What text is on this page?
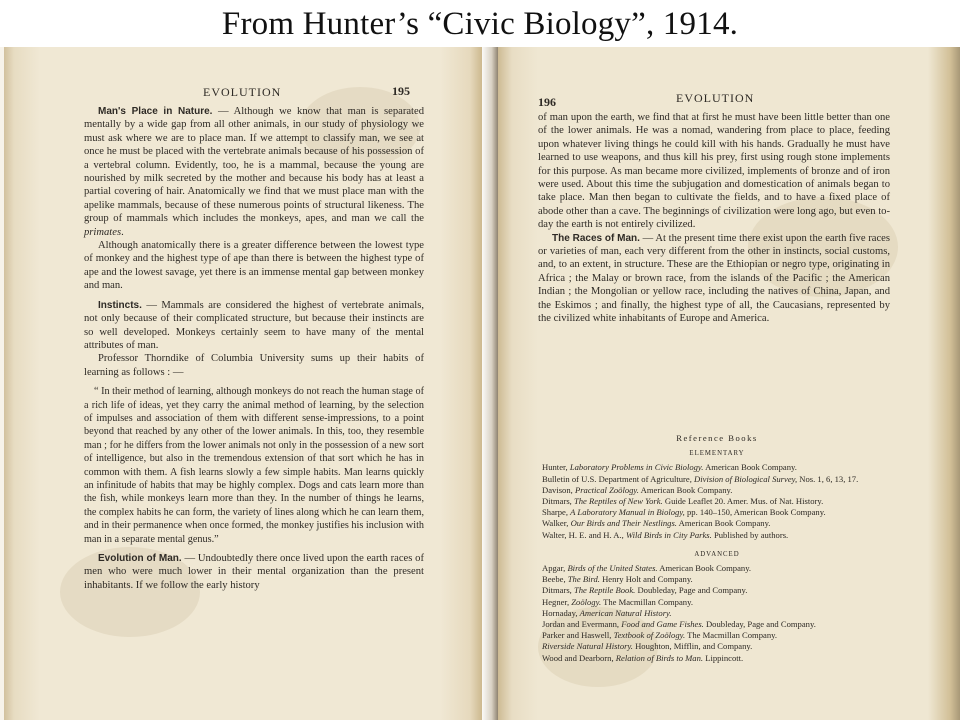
From Hunter’s “Civic Biology”, 1914.
EVOLUTION	195

Man's Place in Nature. — Although we know that man is separated mentally by a wide gap from all other animals, in our study of physiology we must ask where we are to place man. If we attempt to classify man, we see at once he must be placed with the vertebrate animals because of his possession of a vertebral column. Evidently, too, he is a mammal, because the young are nourished by milk secreted by the mother and because his body has at least a partial covering of hair. Anatomically we find that we must place man with the apelike mammals, because of these numerous points of structural likeness. The group of mammals which includes the monkeys, apes, and man we call the primates.

Although anatomically there is a greater difference between the lowest type of monkey and the highest type of ape than there is between the highest type of ape and the lowest savage, yet there is an immense mental gap between monkey and man.

Instincts. — Mammals are considered the highest of vertebrate animals, not only because of their complicated structure, but because their instincts are so well developed. Monkeys certainly seem to have many of the mental attributes of man.

Professor Thorndike of Columbia University sums up their habits of learning as follows : —

“ In their method of learning, although monkeys do not reach the human stage of a rich life of ideas, yet they carry the animal method of learning, by the selection of impulses and association of them with different sense-impressions, to a point beyond that reached by any other of the lower animals. In this, too, they resemble man ; for he differs from the lower animals not only in the possession of a new sort of intelligence, but also in the tremendous extension of that sort which he has in common with them. A fish learns slowly a few simple habits. Man learns quickly an infinitude of habits that may be highly complex. Dogs and cats learn more than the fish, while monkeys learn more than they. In the number of things he learns, the complex habits he can form, the variety of lines along which he can learn them, and in their permanence when once formed, the monkey justifies his inclusion with man in a separate mental genus.”

Evolution of Man. — Undoubtedly there once lived upon the earth races of men who were much lower in their mental organization than the present inhabitants. If we follow the early history

196	EVOLUTION

of man upon the earth, we find that at first he must have been little better than one of the lower animals. He was a nomad, wandering from place to place, feeding upon whatever living things he could kill with his hands. Gradually he must have learned to use weapons, and thus kill his prey, first using rough stone implements for this purpose. As man became more civilized, implements of bronze and of iron were used. About this time the subjugation and domestication of animals began to take place. Man then began to cultivate the fields, and to have a fixed place of abode other than a cave. The beginnings of civilization were long ago, but even to-day the earth is not entirely civilized.

The Races of Man. — At the present time there exist upon the earth five races or varieties of man, each very different from the other in instincts, social customs, and, to an extent, in structure. These are the Ethiopian or negro type, originating in Africa ; the Malay or brown race, from the islands of the Pacific ; the American Indian ; the Mongolian or yellow race, including the natives of China, Japan, and the Eskimos ; and finally, the highest type of all, the Caucasians, represented by the civilized white inhabitants of Europe and America.

Reference Books

ELEMENTARY

Hunter, Laboratory Problems in Civic Biology. American Book Company.

Bulletin of U.S. Department of Agriculture, Division of Biological Survey, Nos. 1, 6, 13, 17.

Davison, Practical Zoölogy. American Book Company.

Ditmars, The Reptiles of New York. Guide Leaflet 20. Amer. Mus. of Nat. History.

Sharpe, A Laboratory Manual in Biology, pp. 140–150, American Book Company.

Walker, Our Birds and Their Nestlings. American Book Company.

Walter, H. E. and H. A., Wild Birds in City Parks. Published by authors.

ADVANCED

Apgar, Birds of the United States. American Book Company.

Beebe, The Bird. Henry Holt and Company.

Ditmars, The Reptile Book. Doubleday, Page and Company.

Hegner, Zoölogy. The Macmillan Company.

Hornaday, American Natural History.

Jordan and Evermann, Food and Game Fishes. Doubleday, Page and Company.

Parker and Haswell, Textbook of Zoölogy. The Macmillan Company.

Riverside Natural History. Houghton, Mifflin, and Company.

Wood and Dearborn, Relation of Birds to Man. Lippincott.
